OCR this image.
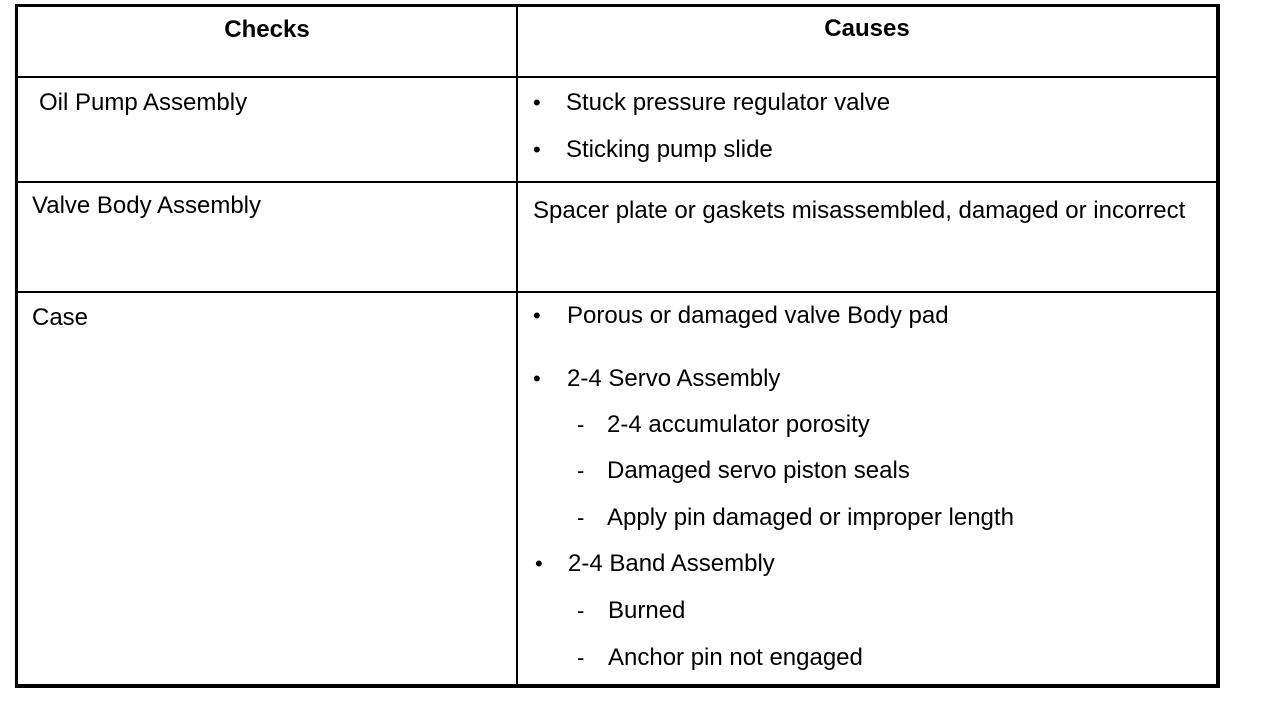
Checks	Causes
Oil Pump Assembly	• Stuck pressure regulator valve
• Sticking pump slide
Valve Body Assembly	Spacer plate or gaskets misassembled, damaged or incorrect
Case	• Porous or damaged valve Body pad
• 2-4 Servo Assembly
- 2-4 accumulator porosity
- Damaged servo piston seals
- Apply pin damaged or improper length
• 2-4 Band Assembly
- Burned
- Anchor pin not engaged
